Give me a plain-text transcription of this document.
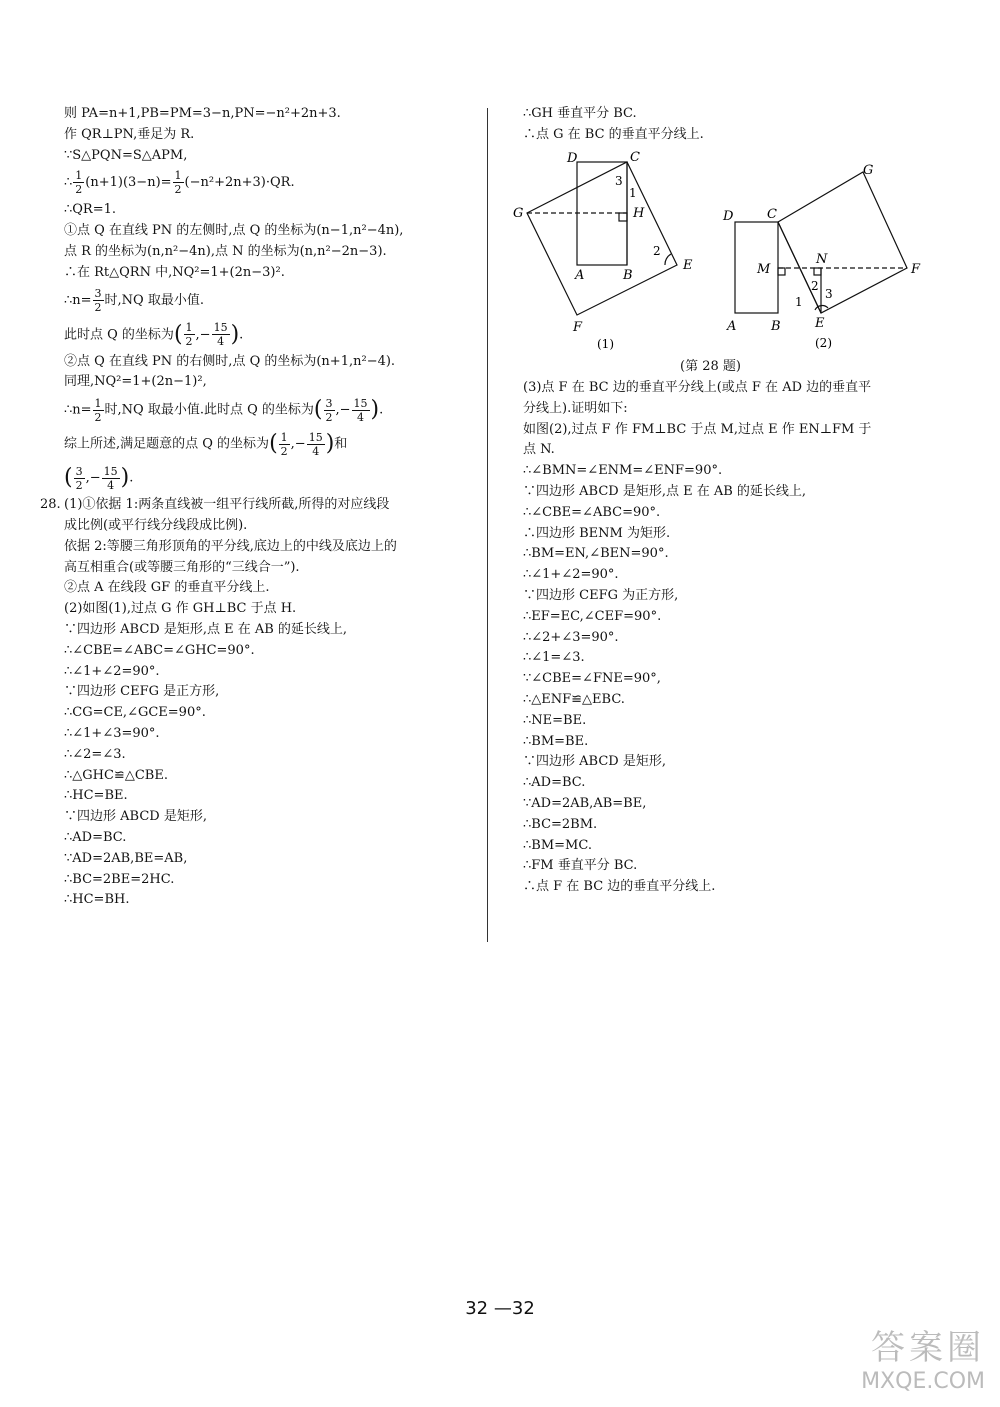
则 PA=n+1,PB=PM=3−n,PN=−n²+2n+3.
作 QR⊥PN,垂足为 R.
∵S△PQN=S△APM,
∴ $\frac{1}{2} (n+1)(3-n)= \frac{1}{2} (-n^2+2n+3)\cdot QR$.
∴QR=1.
①点 Q 在直线 PN 的左侧时,点 Q 的坐标为(n−1,n²−4n),
点 R 的坐标为(n,n²−4n),点 N 的坐标为(n,n²−2n−3).
∴在 Rt△QRN 中,NQ²=1+(2n−3)².
∴n= $\frac{3}{2}$ 时,NQ 取最小值.
此时点 Q 的坐标为( $\frac{1}{2}$ ,− $\frac{15}{4}$ ).
②点 Q 在直线 PN 的右侧时,点 Q 的坐标为(n+1,n²−4).
同理,NQ²=1+(2n−1)²,
∴n= $\frac{1}{2}$ 时,NQ 取最小值.此时点 Q 的坐标为( $\frac{3}{2}$ ,− $\frac{15}{4}$ ).
综上所述,满足题意的点 Q 的坐标为( $\frac{1}{2}$ ,− $\frac{15}{4}$ )和
( $\frac{3}{2}$ ,− $\frac{15}{4}$ ).
28. (1)①依据 1:两条直线被一组平行线所截,所得的对应线段
成比例(或平行线分线段成比例).
依据 2:等腰三角形顶角的平分线,底边上的中线及底边上的
高互相重合(或等腰三角形的“三线合一”).
②点 A 在线段 GF 的垂直平分线上.
(2)如图(1),过点 G 作 GH⊥BC 于点 H.
∵四边形 ABCD 是矩形,点 E 在 AB 的延长线上,
∴∠CBE=∠ABC=∠GHC=90°.
∴∠1+∠2=90°.
∵四边形 CEFG 是正方形,
∴CG=CE,∠GCE=90°.
∴∠1+∠3=90°.
∴∠2=∠3.
∴△GHC≌△CBE.
∴HC=BE.
∵四边形 ABCD 是矩形,
∴AD=BC.
∵AD=2AB,BE=AB,
∴BC=2BE=2HC.
∴HC=BH.
∴GH 垂直平分 BC.
∴点 G 在 BC 的垂直平分线上.
D	C
G	H
A	B
E
F
1
2
3
(1)
D	C
G
M
N
F
A	B	E
1
2
3
(2)
(第 28 题)
(3)点 F 在 BC 边的垂直平分线上(或点 F 在 AD 边的垂直平
分线上).证明如下:
如图(2),过点 F 作 FM⊥BC 于点 M,过点 E 作 EN⊥FM 于
点 N.
∴∠BMN=∠ENM=∠ENF=90°.
∵四边形 ABCD 是矩形,点 E 在 AB 的延长线上,
∴∠CBE=∠ABC=90°.
∴四边形 BENM 为矩形.
∴BM=EN,∠BEN=90°.
∴∠1+∠2=90°.
∵四边形 CEFG 为正方形,
∴EF=EC,∠CEF=90°.
∴∠2+∠3=90°.
∴∠1=∠3.
∵∠CBE=∠FNE=90°,
∴△ENF≌△EBC.
∴NE=BE.
∴BM=BE.
∵四边形 ABCD 是矩形,
∴AD=BC.
∵AD=2AB,AB=BE,
∴BC=2BM.
∴BM=MC.
∴FM 垂直平分 BC.
∴点 F 在 BC 边的垂直平分线上.
32 —32
答案圈
MXQE.COM
